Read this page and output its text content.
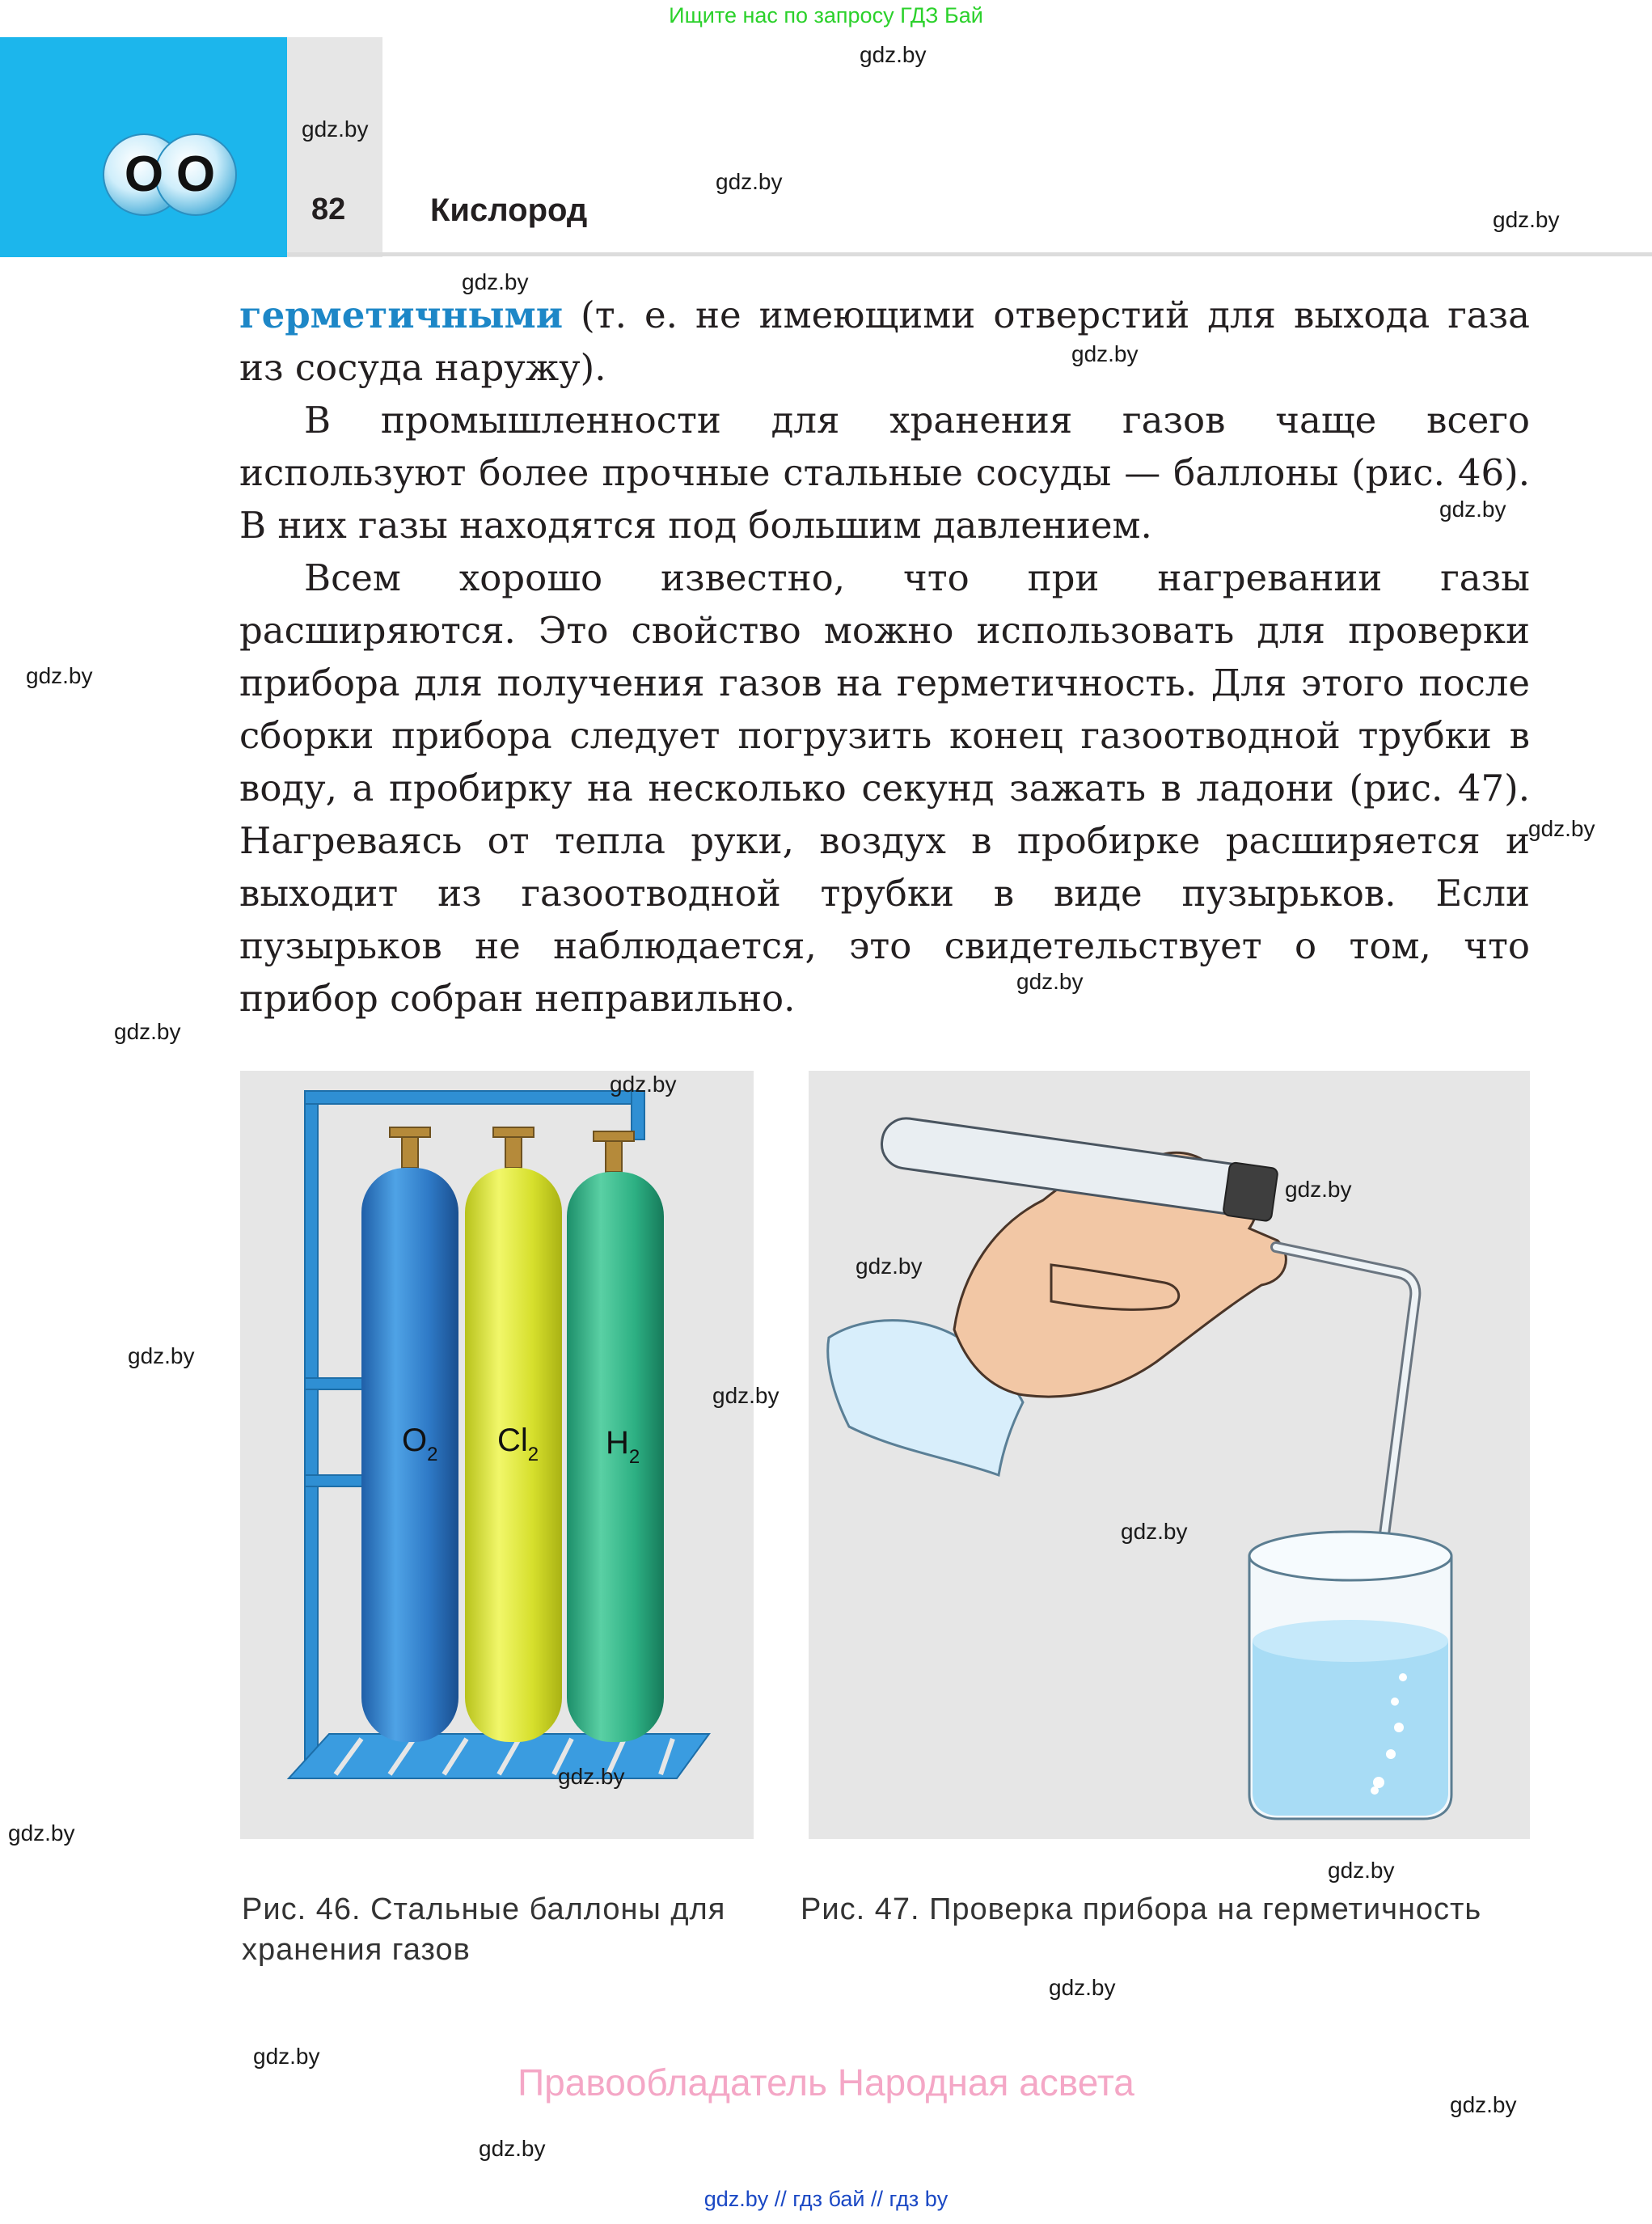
Ищите нас по запросу ГДЗ Бай
O O
82	Кислород

герметичными (т. е. не имеющими отверстий для выхода газа из сосуда наружу).

В промышленности для хранения газов чаще всего используют более прочные стальные сосуды — баллоны (рис. 46). В них газы находятся под большим давлением.

Всем хорошо известно, что при нагревании газы расширяются. Это свойство можно использовать для проверки прибора для получения газов на герметичность. Для этого после сборки прибора следует погрузить конец газоотводной трубки в воду, а пробирку на несколько секунд зажать в ладони (рис. 47). Нагреваясь от тепла руки, воздух в пробирке расширяется и выходит из газоотводной трубки в виде пузырьков. Если пузырьков не наблюдается, это свидетельствует о том, что прибор собран неправильно.

$O_2$ $Cl_2$ $H_2$
Рис. 46. Стальные баллоны для
хранения газов
Рис. 47. Проверка прибора на герметичность
gdz.by
gdz.by
gdz.by
gdz.by
gdz.by
gdz.by
gdz.by
gdz.by
gdz.by
gdz.by
gdz.by
gdz.by
gdz.by
gdz.by
gdz.by
gdz.by
gdz.by
gdz.by
gdz.by
gdz.by
gdz.by
gdz.by
gdz.by
gdz.by
Правообладатель Народная асвета
gdz.by // гдз бай // гдз by
